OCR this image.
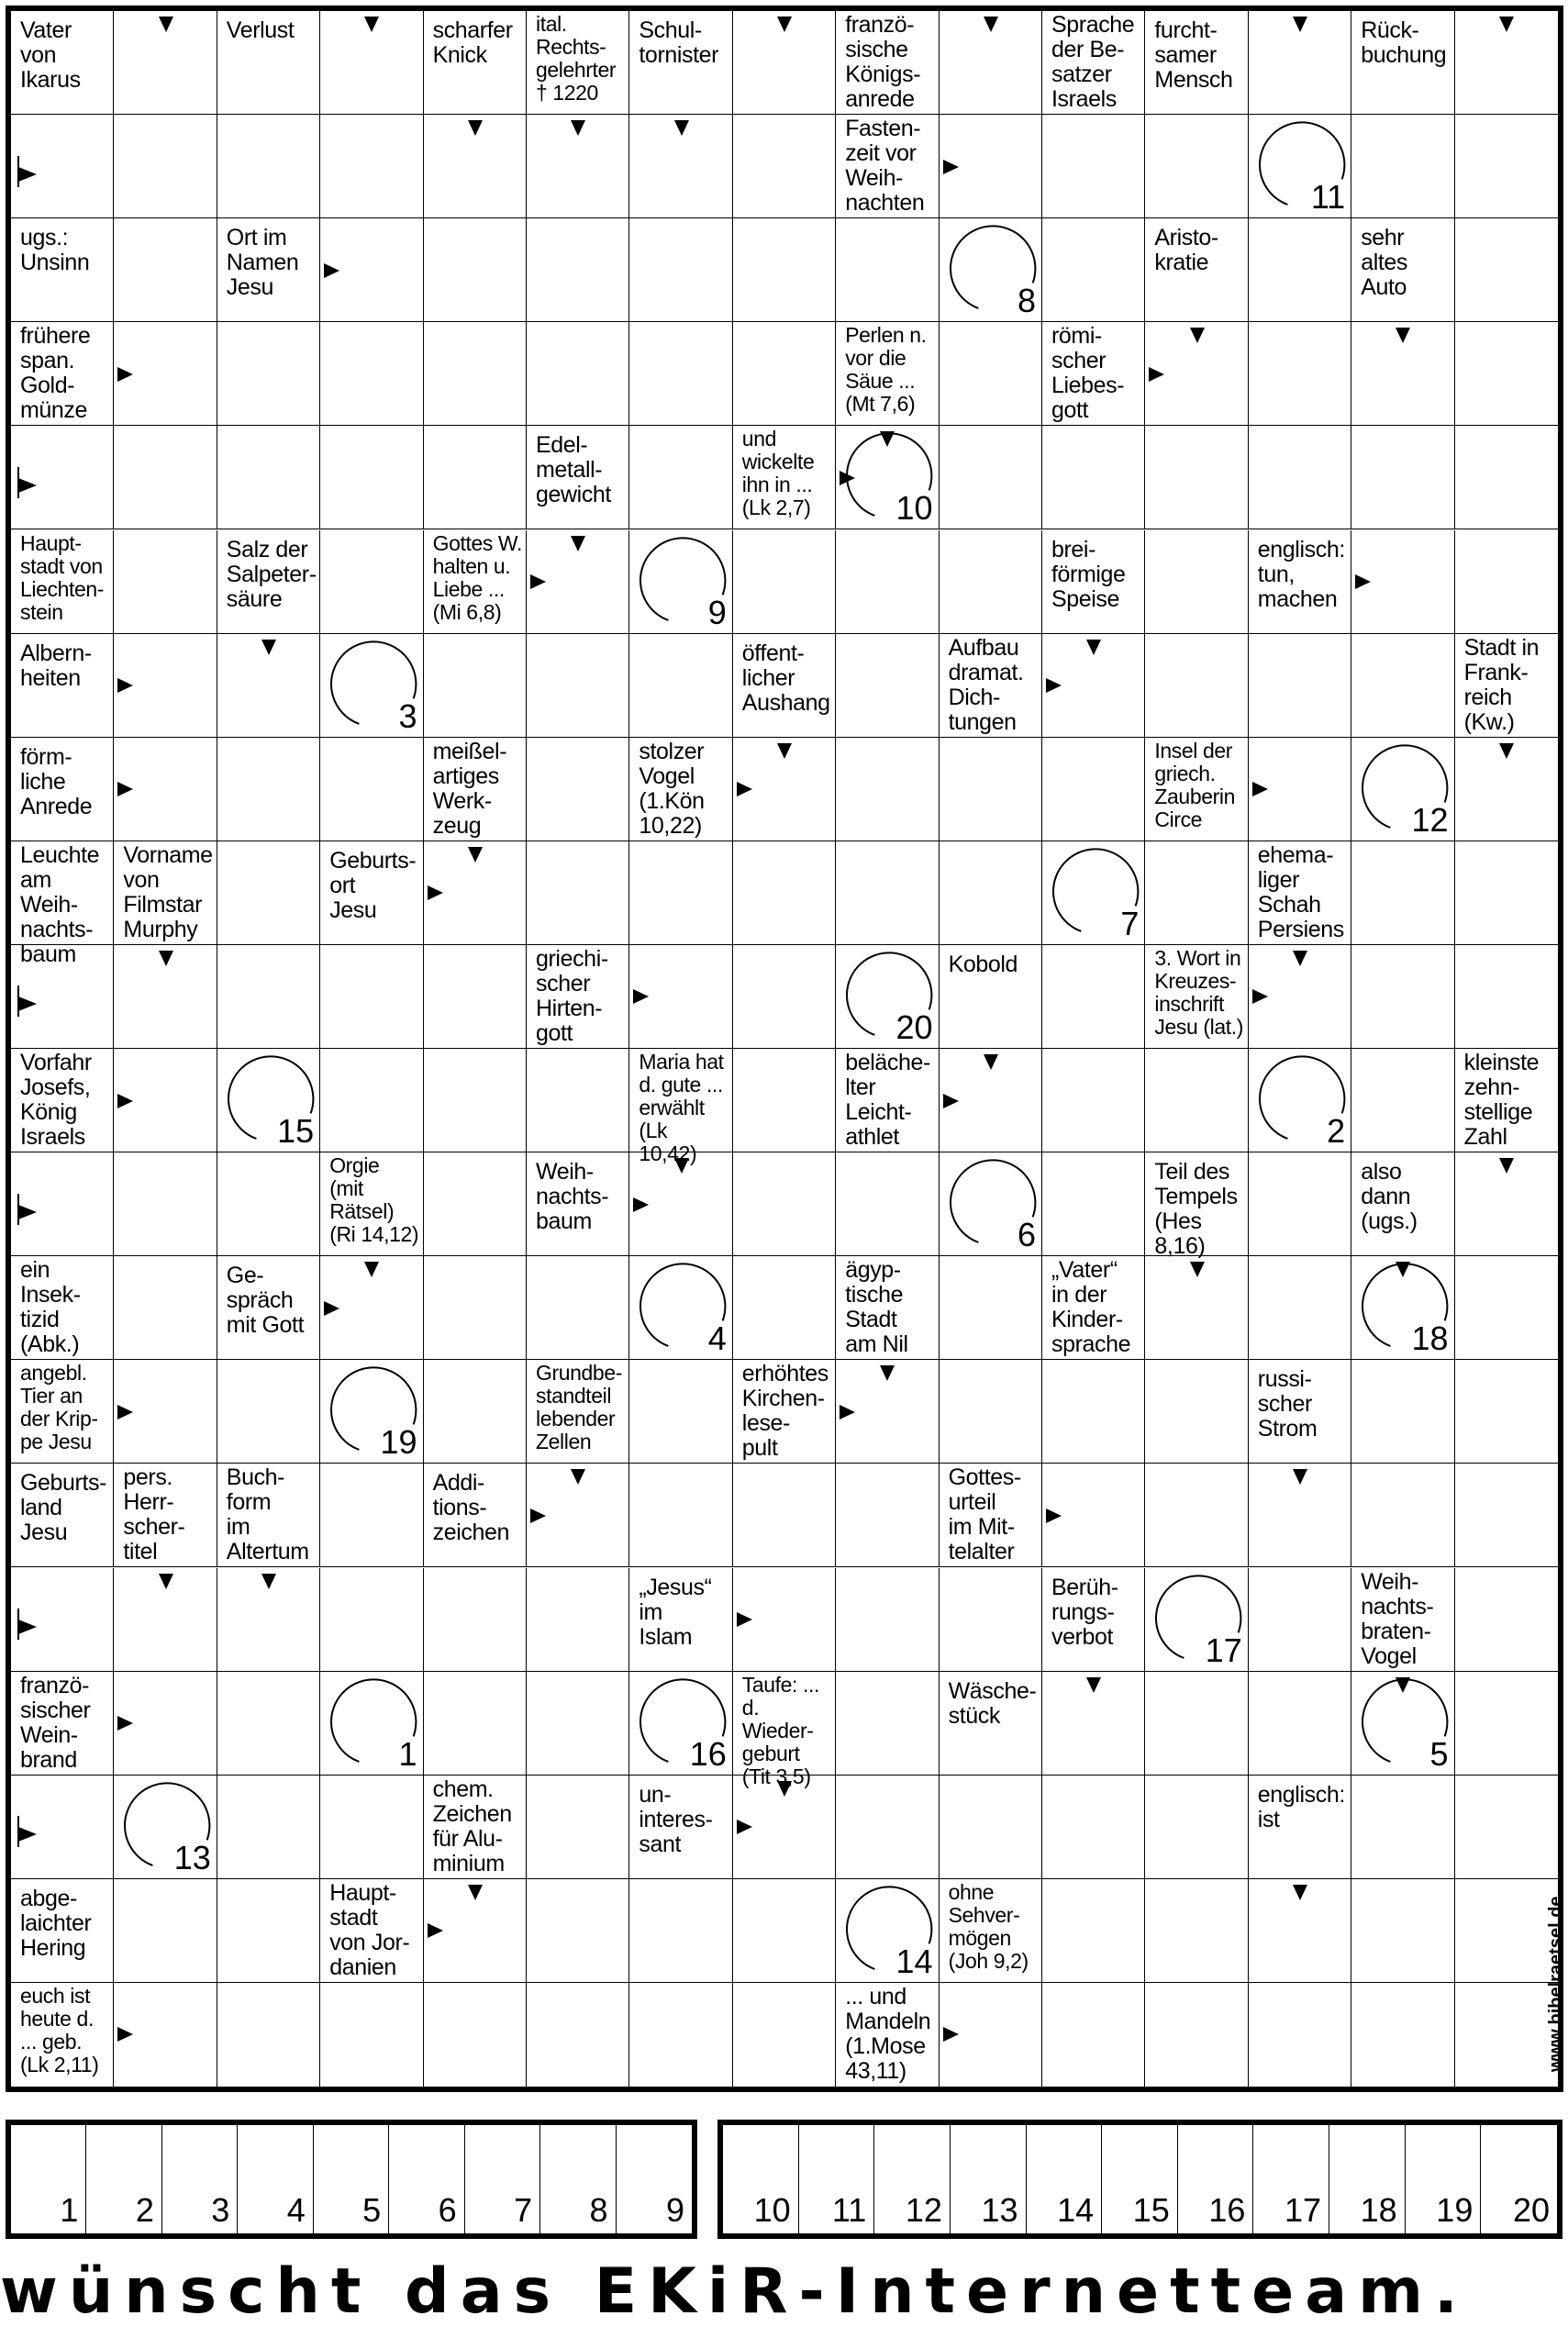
Vater
von
Ikarus
Verlust	scharfer
Knick
ital.
Rechts-
gelehrter
† 1220
Schul-
tornister
franzö-
sische
Königs-
anrede
Sprache
der Be-
satzer
Israels
furcht-
samer
Mensch
Rück-
buchung
Fasten-
zeit vor
Weih-
nachten	11
ugs.:
Unsinn
Ort im
Namen
Jesu	8
Aristo-
kratie
sehr
altes
Auto
frühere
span.
Gold-
münze
Perlen n.
vor die
Säue ...
(Mt 7,6)
römi-
scher
Liebes-
gott
Edel-
metall-
gewicht
und
wickelte
ihn in ...
(Lk 2,7)	10
Haupt-
stadt von
Liechten-
stein
Salz der
Salpeter-
säure
Gottes W.
halten u.
Liebe ...
(Mi 6,8)	9
brei-
förmige
Speise
englisch:
tun,
machen
Albern-
heiten
3
öffent-
licher
Aushang
Aufbau
dramat.
Dich-
tungen
Stadt in
Frank-
reich
(Kw.)
förm-
liche
Anrede
meißel-
artiges
Werk-
zeug
stolzer
Vogel
(1.Kön
10,22)
Insel der
griech.
Zauberin
Circe	12
Leuchte
am Weih-
nachts-
baum
Vorname
von
Filmstar
Murphy
Geburts-
ort
Jesu	7
ehema-
liger
Schah
Persiens
griechi-
scher
Hirten-
gott	20
Kobold	3. Wort in
Kreuzes-
inschrift
Jesu (lat.)
Vorfahr
Josefs,
König
Israels	15
Maria hat
d. gute ...
erwählt
(Lk 10,42)
beläche-
lter
Leicht-
athlet	2
kleinste
zehn-
stellige
Zahl
Orgie
(mit
Rätsel)
(Ri 14,12)
Weih-
nachts-
baum	6
Teil des
Tempels
(Hes 8,16)
also
dann
(ugs.)
ein
Insek-
tizid
(Abk.)
Ge-
spräch
mit Gott	4
ägyp-
tische
Stadt
am Nil
„Vater“
in der
Kinder-
sprache	18
angebl.
Tier an
der Krip-
pe Jesu	19
Grundbe-
standteil
lebender
Zellen
erhöhtes
Kirchen-
lese-
pult
russi-
scher
Strom
Geburts-
land
Jesu
pers.
Herr-
scher-
titel
Buch-
form
im
Altertum
Addi-
tions-
zeichen
Gottes-
urteil
im Mit-
telalter
„Jesus“
im
Islam
Berüh-
rungs-
verbot	17
Weih-
nachts-
braten-
Vogel
franzö-
sischer
Wein-
brand	1	16
Taufe: ...
d. Wieder-
geburt
(Tit 3,5)
Wäsche-
stück
5
13
chem.
Zeichen
für Alu-
minium
un-
interes-
sant
englisch:
ist
abge-
laichter
Hering
Haupt-
stadt
von Jor-
danien	14
ohne
Sehver-
mögen
(Joh 9,2)
euch ist
heute d.
... geb.
(Lk 2,11)
... und
Mandeln
(1.Mose
43,11)	www.bibelraetsel.de
1 2 3 4 5 6 7 8 9 10 11 12 13 14 15 16 17 18 19 20
wünscht das EKiR-Internetteam.
